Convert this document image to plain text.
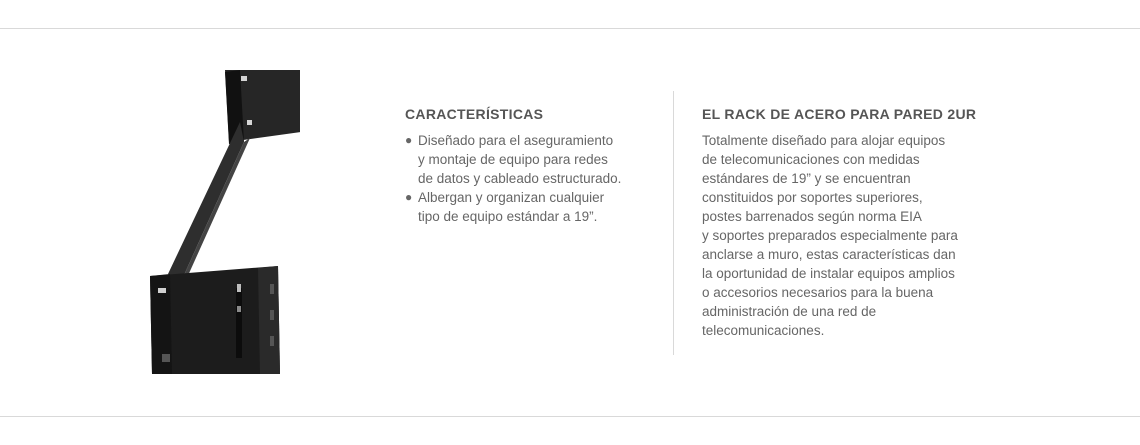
CARACTERÍSTICAS
● Diseñado para el aseguramiento
y montaje de equipo para redes
de datos y cableado estructurado.
● Albergan y organizan cualquier
tipo de equipo estándar a 19”.
EL RACK DE ACERO PARA PARED 2UR

Totalmente diseñado para alojar equipos
de telecomunicaciones con medidas
estándares de 19” y se encuentran
constituidos por soportes superiores,
postes barrenados según norma EIA
y soportes preparados especialmente para
anclarse a muro, estas características dan
la oportunidad de instalar equipos amplios
o accesorios necesarios para la buena
administración de una red de
telecomunicaciones.
